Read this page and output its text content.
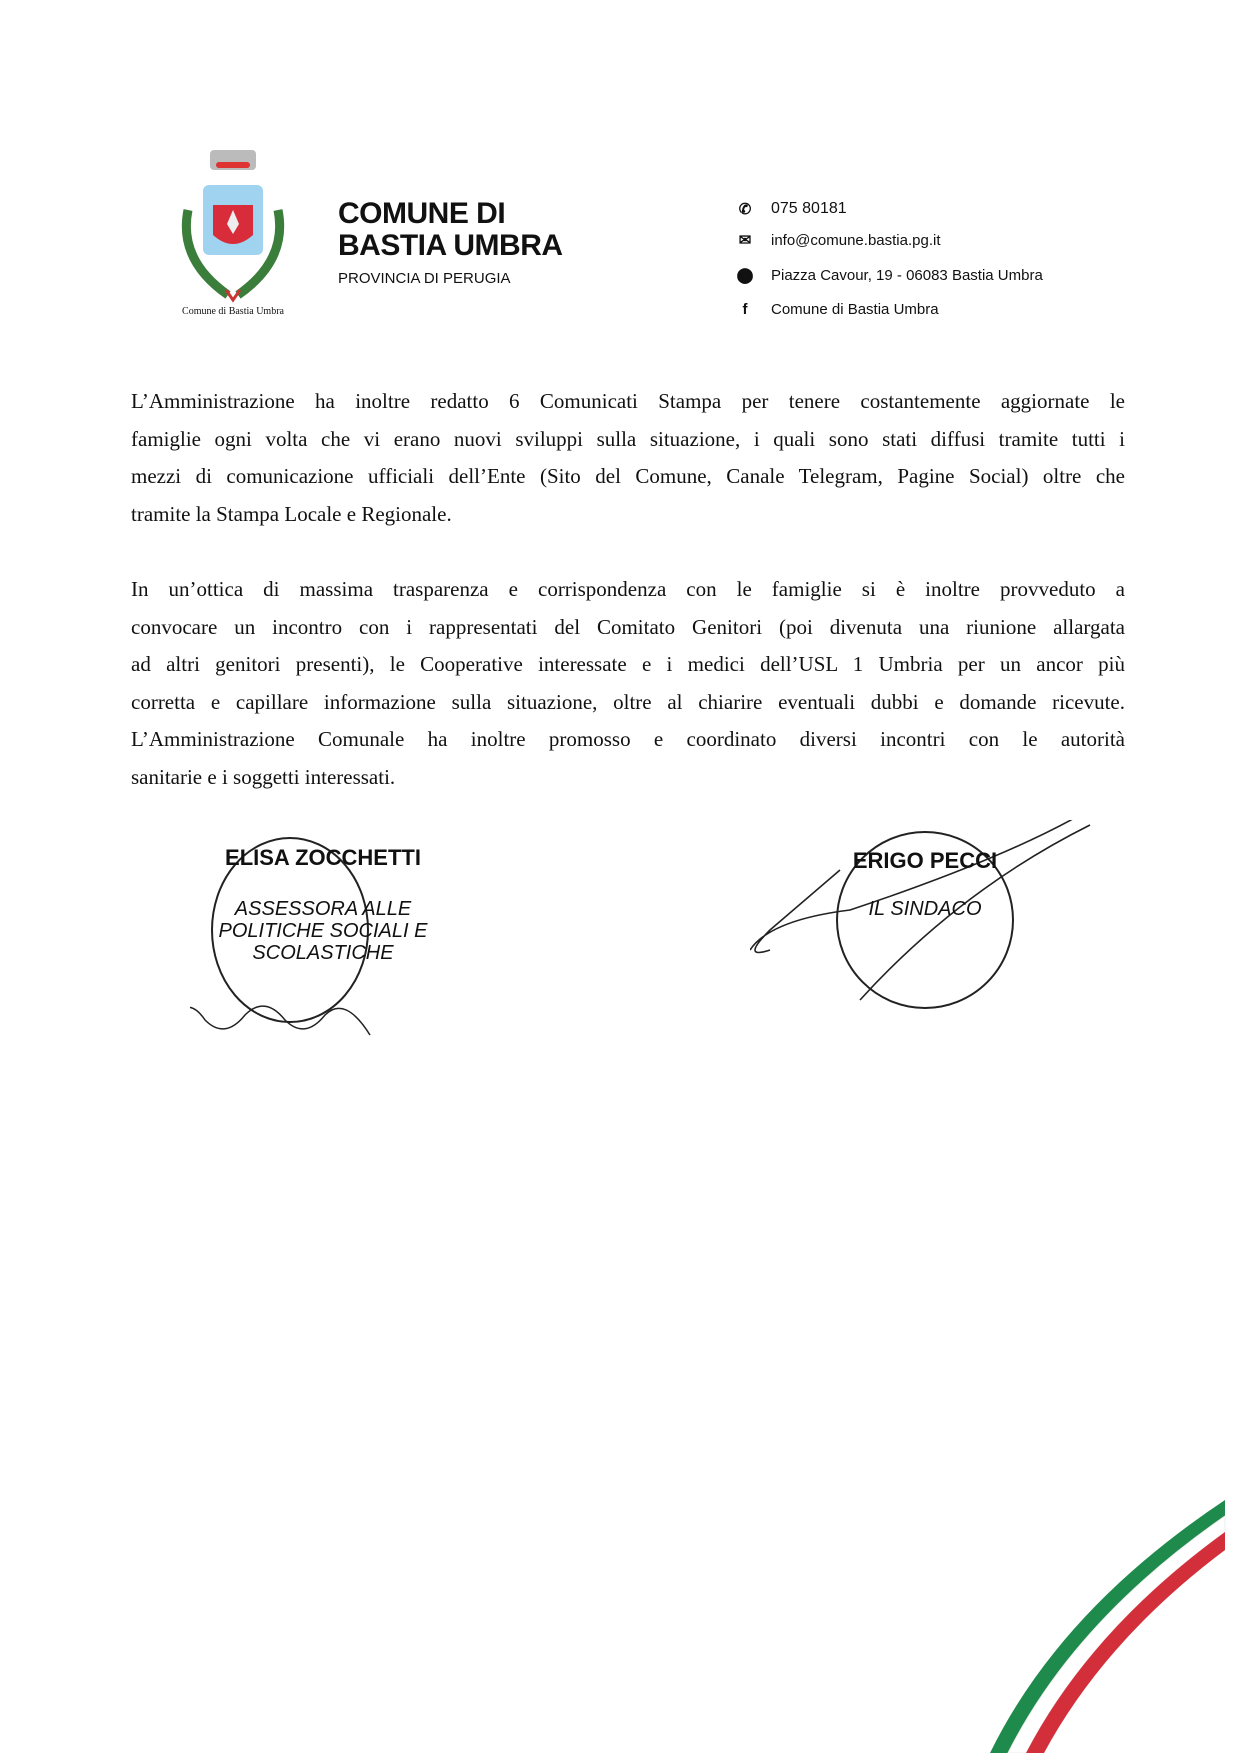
Comune di Bastia Umbra
COMUNE DI
BASTIA UMBRA
PROVINCIA DI PERUGIA
✆ 075 80181
✉ info@comune.bastia.pg.it
⬤ Piazza Cavour, 19 - 06083 Bastia Umbra
f	Comune di Bastia Umbra
L’Amministrazione ha inoltre redatto 6 Comunicati Stampa per tenere costantemente aggiornate le
famiglie ogni volta che vi erano nuovi sviluppi sulla situazione, i quali sono stati diffusi tramite tutti i
mezzi di comunicazione ufficiali dell’Ente (Sito del Comune, Canale Telegram, Pagine Social) oltre che
tramite la Stampa Locale e Regionale.
In un’ottica di massima trasparenza e corrispondenza con le famiglie si è inoltre provveduto a
convocare un incontro con i rappresentati del Comitato Genitori (poi divenuta una riunione allargata
ad altri genitori presenti), le Cooperative interessate e i medici dell’USL 1 Umbria per un ancor più
corretta e capillare informazione sulla situazione, oltre al chiarire eventuali dubbi e domande ricevute.
L’Amministrazione Comunale ha inoltre promosso e coordinato diversi incontri con le autorità
sanitarie e i soggetti interessati.
ELISA ZOCCHETTI
ASSESSORA ALLE
POLITICHE SOCIALI E
SCOLASTICHE
ERIGO PECCI
IL SINDACO
